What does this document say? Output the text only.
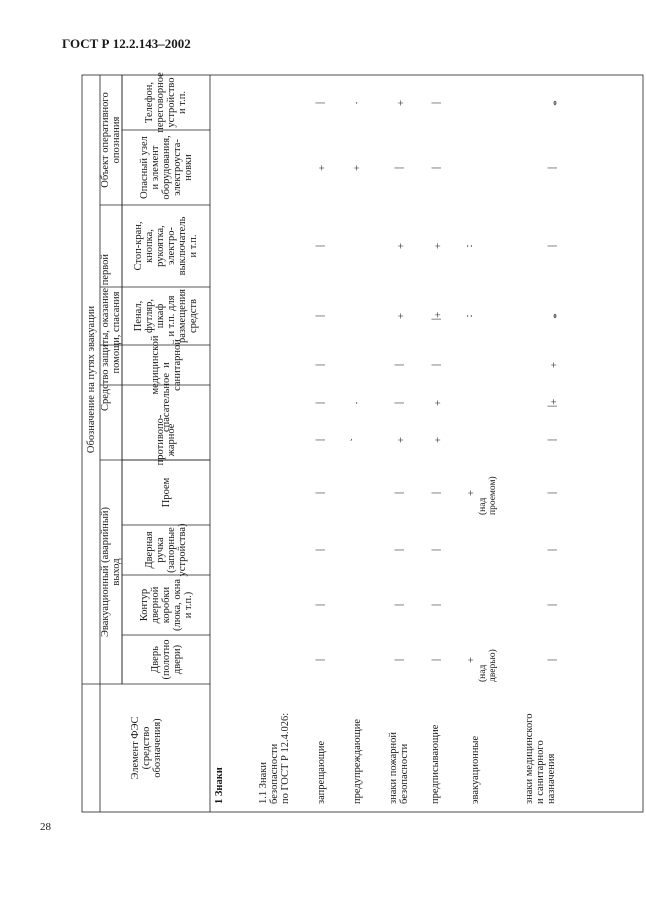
ГОСТ Р 12.2.143–2002
28
Элемент ФЭС
(средство
обозначения)
Обозначение на путях эвакуации
Эвакуационный (аварийный)
выход
Средство защиты, оказание первой
помощи, спасания
Объект оперативного
опознания
Дверь
(полотно
двери)
Контур
дверной
коробки
(люка, окна
и т.п.)
Дверная
ручка
(запорные
устройства)
Проем
противопо-
жарное
спасательное
медицинской
и санитарной
Пенал,
футляр, шкаф
и т.п. для
размещения
средств
Стоп-кран,
кнопка,
рукоятка,
электро-
выключатель
и т.п.
Опасный узел
и элемент
оборудования,
электроуста-
новки
Телефон,
переговорное
устройство
и т.п.
1 Знаки	1.1 Знаки
безопасности
по ГОСТ Р 12.4.026:
запрещающие
|
|
|
|
|
|
|
|
|
+
|
предупреждающие
ˎ
·
+
·
знаки пожарной
безопасности
|
|
|
|
+
|
|
+
+
|
+
предписывающие
|
|
|
|
+
+
|
+|
+
|
|
эвакуационные
+
(над
дверью)
+
(над
проемом)
:
:
знаки медицинского
и санитарного
назначения
|
|
|
|
|
+|
+
*
|
|
*
